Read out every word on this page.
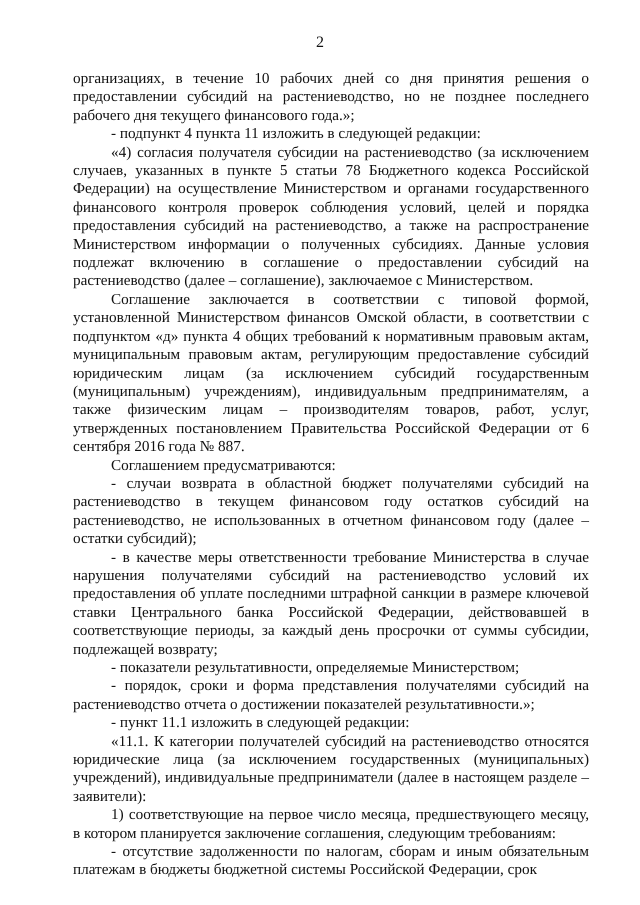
2

организациях, в течение 10 рабочих дней со дня принятия решения о предоставлении субсидий на растениеводство, но не позднее последнего рабочего дня текущего финансового года.»;

- подпункт 4 пункта 11 изложить в следующей редакции:

«4) согласия получателя субсидии на растениеводство (за исключением случаев, указанных в пункте 5 статьи 78 Бюджетного кодекса Российской Федерации) на осуществление Министерством и органами государственного финансового контроля проверок соблюдения условий, целей и порядка предоставления субсидий на растениеводство, а также на распространение Министерством информации о полученных субсидиях. Данные условия подлежат включению в соглашение о предоставлении субсидий на растениеводство (далее – соглашение), заключаемое с Министерством.

Соглашение заключается в соответствии с типовой формой, установленной Министерством финансов Омской области, в соответствии с подпунктом «д» пункта 4 общих требований к нормативным правовым актам, муниципальным правовым актам, регулирующим предоставление субсидий юридическим лицам (за исключением субсидий государственным (муниципальным) учреждениям), индивидуальным предпринимателям, а также физическим лицам – производителям товаров, работ, услуг, утвержденных постановлением Правительства Российской Федерации от 6 сентября 2016 года № 887.

Соглашением предусматриваются:

- случаи возврата в областной бюджет получателями субсидий на растениеводство в текущем финансовом году остатков субсидий на растениеводство, не использованных в отчетном финансовом году (далее – остатки субсидий);

- в качестве меры ответственности требование Министерства в случае нарушения получателями субсидий на растениеводство условий их предоставления об уплате последними штрафной санкции в размере ключевой ставки Центрального банка Российской Федерации, действовавшей в соответствующие периоды, за каждый день просрочки от суммы субсидии, подлежащей возврату;

- показатели результативности, определяемые Министерством;

- порядок, сроки и форма представления получателями субсидий на растениеводство отчета о достижении показателей результативности.»;

- пункт 11.1 изложить в следующей редакции:

«11.1. К категории получателей субсидий на растениеводство относятся юридические лица (за исключением государственных (муниципальных) учреждений), индивидуальные предприниматели (далее в настоящем разделе – заявители):

1) соответствующие на первое число месяца, предшествующего месяцу, в котором планируется заключение соглашения, следующим требованиям:

- отсутствие задолженности по налогам, сборам и иным обязательным платежам в бюджеты бюджетной системы Российской Федерации, срок
